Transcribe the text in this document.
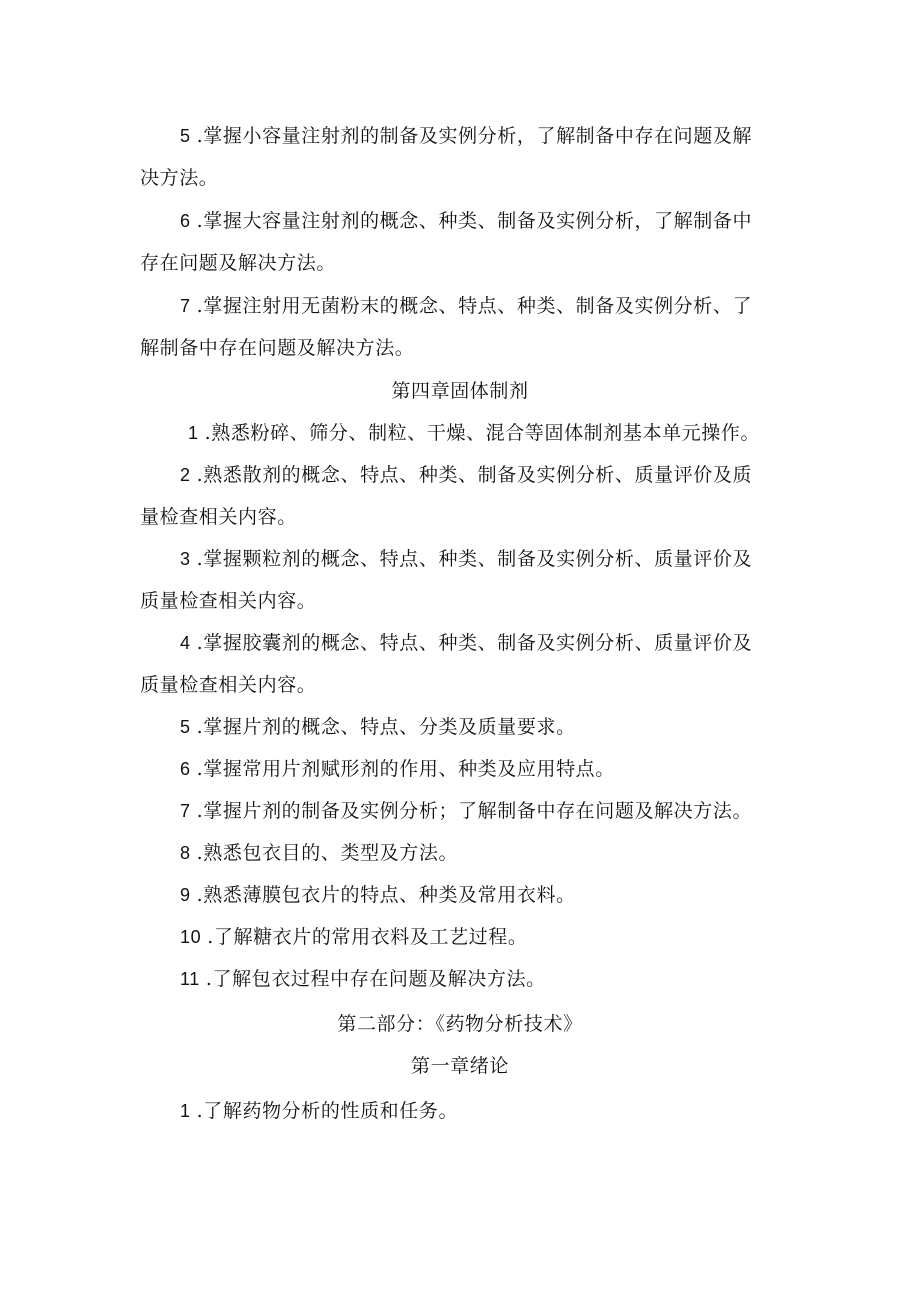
5 .掌握小容量注射剂的制备及实例分析，了解制备中存在问题及解
决方法。
6 .掌握大容量注射剂的概念、种类、制备及实例分析，了解制备中
存在问题及解决方法。
7 .掌握注射用无菌粉末的概念、特点、种类、制备及实例分析、了
解制备中存在问题及解决方法。
第四章固体制剂
1 .熟悉粉碎、筛分、制粒、干燥、混合等固体制剂基本单元操作。
2 .熟悉散剂的概念、特点、种类、制备及实例分析、质量评价及质
量检查相关内容。
3 .掌握颗粒剂的概念、特点、种类、制备及实例分析、质量评价及
质量检查相关内容。
4 .掌握胶囊剂的概念、特点、种类、制备及实例分析、质量评价及
质量检查相关内容。
5 .掌握片剂的概念、特点、分类及质量要求。
6 .掌握常用片剂赋形剂的作用、种类及应用特点。
7 .掌握片剂的制备及实例分析；了解制备中存在问题及解决方法。
8 .熟悉包衣目的、类型及方法。
9 .熟悉薄膜包衣片的特点、种类及常用衣料。
10 .了解糖衣片的常用衣料及工艺过程。
11 .了解包衣过程中存在问题及解决方法。
第二部分：《药物分析技术》
第一章绪论
1 .了解药物分析的性质和任务。
